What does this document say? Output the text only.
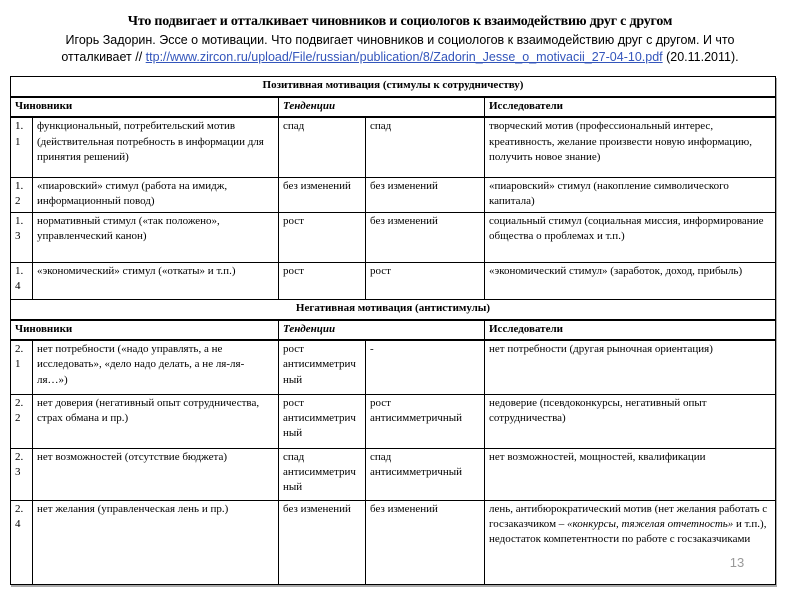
Что подвигает и отталкивает чиновников и социологов к взаимодействию друг с другом
Игорь Задорин. Эссе о мотивации. Что подвигает чиновников и социологов к взаимодействию друг с другом. И что отталкивает // ttp://www.zircon.ru/upload/File/russian/publication/8/Zadorin_Jesse_o_motivacii_27-04-10.pdf (20.11.2011).
Позитивная мотивация (стимулы к сотрудничеству)				
Чиновники		Тенденции		Исследователи
1.1	функциональный, потребительский мотив (действительная потребность в информации для принятия решений)	спад	спад	творческий мотив (профессиональный интерес, креативность, желание произвести новую информацию, получить новое знание)
1.2	«пиаровский» стимул (работа на имидж, информационный повод)	без изменений	без изменений	«пиаровский» стимул (накопление символического капитала)
1.3	нормативный стимул («так положено», управленческий канон)	рост	без изменений	социальный стимул (социальная миссия, информирование общества о проблемах и т.п.)
1.4	«экономический» стимул («откаты» и т.п.)	рост	рост	«экономический стимул» (заработок, доход, прибыль)
Негативная мотивация (антистимулы)				
Чиновники		Тенденции		Исследователи
2.1	нет потребности («надо управлять, а не исследовать», «дело надо делать, а не ля-ля-ля…»)	рост антисимметричный	-	нет потребности (другая рыночная ориентация)
2.2	нет доверия (негативный опыт сотрудничества, страх обмана и пр.)	рост антисимметричный	рост антисимметричный	недоверие (псевдоконкурсы, негативный опыт сотрудничества)
2.3	нет возможностей (отсутствие бюджета)	спад антисимметричный	спад антисимметричный	нет возможностей, мощностей, квалификации
2.4	нет желания (управленческая лень и пр.)	без изменений	без изменений	лень, антибюрократический мотив (нет желания работать с госзаказчиком – «конкурсы, тяжелая отчетность» и т.п.), недостаток компетентности по работе с госзаказчиками
13
